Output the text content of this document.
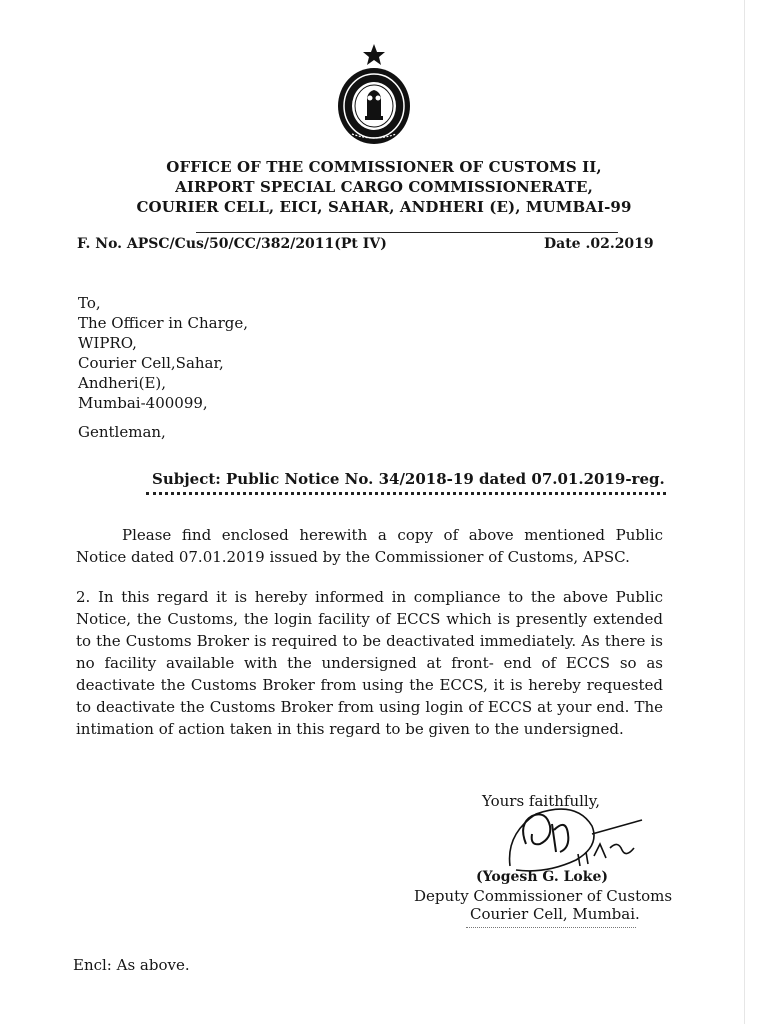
OFFICE OF THE COMMISSIONER OF CUSTOMS II,
AIRPORT SPECIAL CARGO COMMISSIONERATE,
COURIER CELL, EICI, SAHAR, ANDHERI (E), MUMBAI-99
F. No. APSC/Cus/50/CC/382/2011(Pt IV)	Date .02.2019
To,
The Officer in Charge,
WIPRO,
Courier Cell,Sahar,
Andheri(E),
Mumbai-400099,
Gentleman,
Subject: Public Notice No. 34/2018-19 dated 07.01.2019-reg.
Please find enclosed herewith a copy of above mentioned Public Notice dated 07.01.2019 issued by the Commissioner of Customs, APSC.
2. In this regard it is hereby informed in compliance to the above Public Notice, the Customs, the login facility of ECCS which is presently extended to the Customs Broker is required to be deactivated immediately. As there is no facility available with the undersigned at front- end of ECCS so as deactivate the Customs Broker from using the ECCS, it is hereby requested to deactivate the Customs Broker from using login of ECCS at your end. The intimation of action taken in this regard to be given to the undersigned.
Yours faithfully,
(Yogesh G. Loke)
Deputy Commissioner of Customs
Courier Cell, Mumbai.
Encl: As above.
